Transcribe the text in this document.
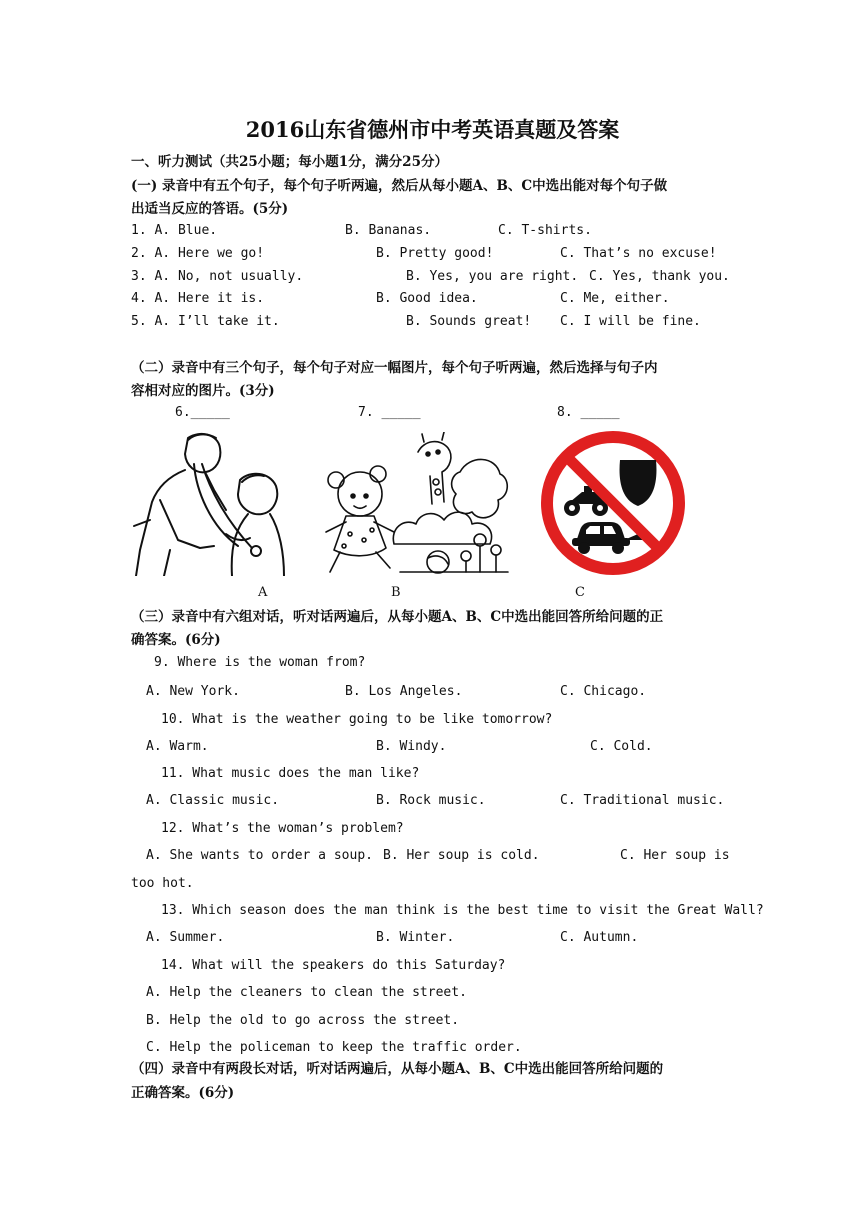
2016山东省德州市中考英语真题及答案
一、听力测试（共25小题；每小题1分，满分25分）
(一) 录音中有五个句子，每个句子听两遍，然后从每小题A、B、C中选出能对每个句子做
出适当反应的答语。(5分)
1. A. Blue.	B. Bananas.	C. T-shirts.
2. A. Here we go!	B. Pretty good!	C. That’s no excuse!
3. A. No, not usually.	B. Yes, you are right. C. Yes, thank you.
4. A. Here it is.	B. Good idea.	C. Me, either.
5. A. I’ll take it.	B. Sounds great! C. I will be fine.
（二）录音中有三个句子，每个句子对应一幅图片，每个句子听两遍，然后选择与句子内
容相对应的图片。(3分)
6._____	7. _____	8. _____
A	B	C
（三）录音中有六组对话，听对话两遍后，从每小题A、B、C中选出能回答所给问题的正
确答案。(6分)
9. Where is the woman from?
A. New York.	B. Los Angeles.	C. Chicago.
10. What is the weather going to be like tomorrow?
A. Warm.	B. Windy.	C. Cold.
11. What music does the man like?
A. Classic music.	B. Rock music.	C. Traditional music.
12. What’s the woman’s problem?
A. She wants to order a soup. B. Her soup is cold.	C. Her soup is
too hot.
13. Which season does the man think is the best time to visit the Great Wall?
A. Summer.	B. Winter.	C. Autumn.
14. What will the speakers do this Saturday?
A. Help the cleaners to clean the street.
B. Help the old to go across the street.
C. Help the policeman to keep the traffic order.
（四）录音中有两段长对话，听对话两遍后，从每小题A、B、C中选出能回答所给问题的
正确答案。(6分)
